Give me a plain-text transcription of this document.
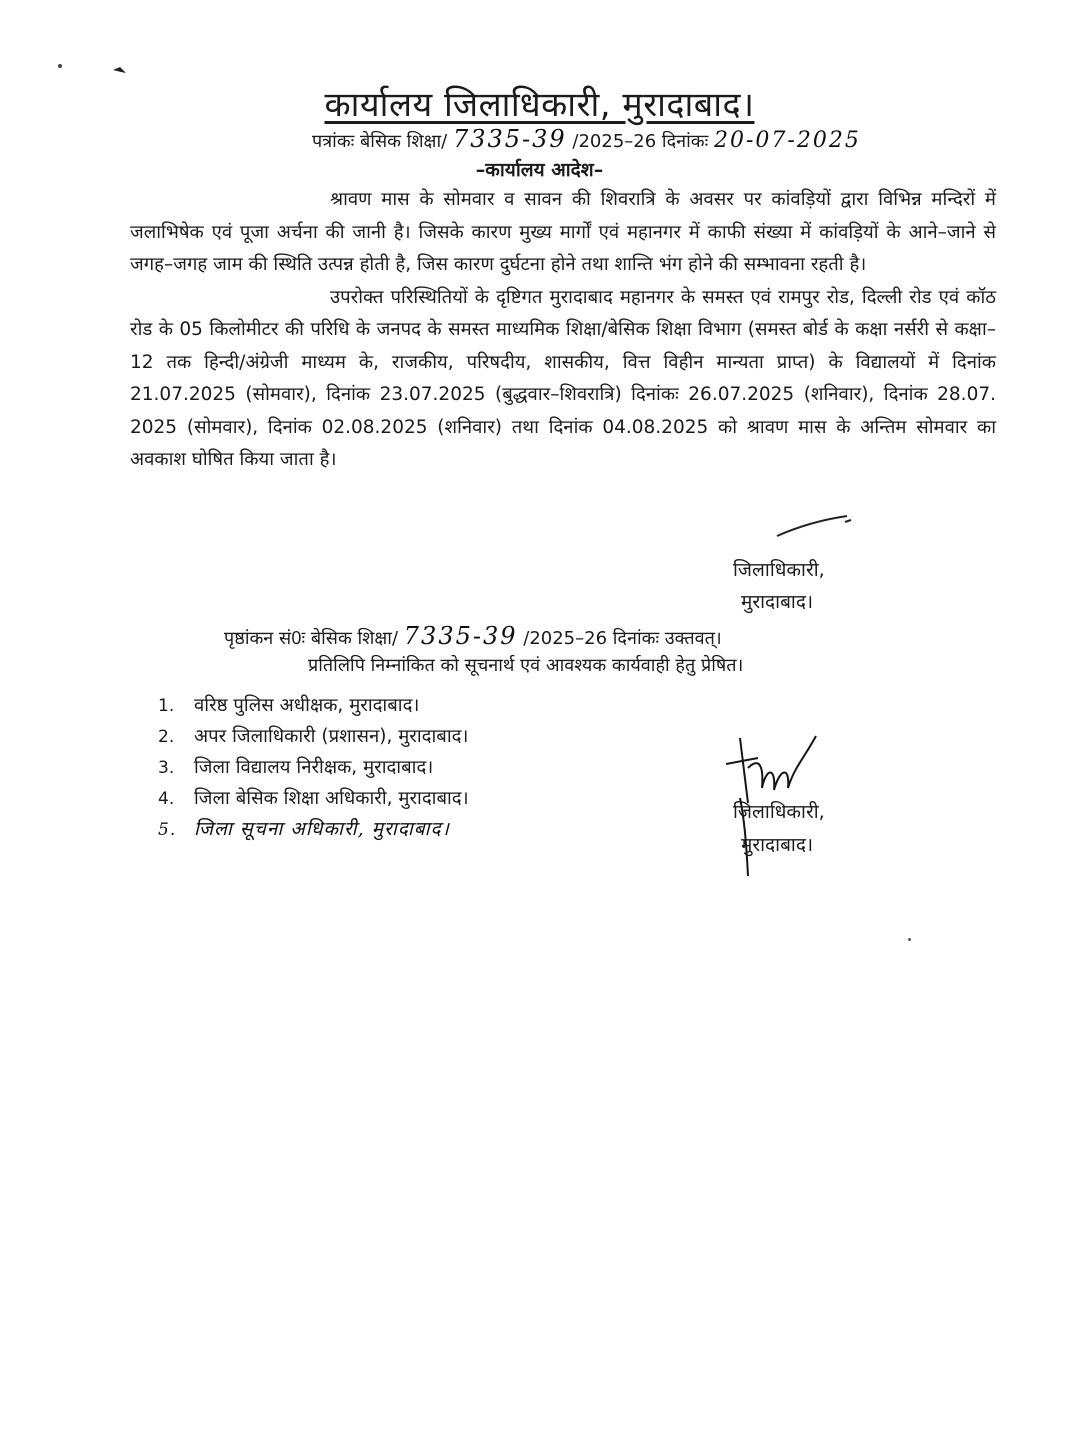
कार्यालय जिलाधिकारी, मुरादाबाद।
पत्रांकः बेसिक शिक्षा/ 7335-39 /2025–26 दिनांकः 20-07-2025
–कार्यालय आदेश–

श्रावण मास के सोमवार व सावन की शिवरात्रि के अवसर पर कांवड़ियों द्वारा विभिन्न मन्दिरों में जलाभिषेक एवं पूजा अर्चना की जानी है। जिसके कारण मुख्य मार्गों एवं महानगर में काफी संख्या में कांवड़ियों के आने–जाने से जगह–जगह जाम की स्थिति उत्पन्न होती है, जिस कारण दुर्घटना होने तथा शान्ति भंग होने की सम्भावना रहती है।

उपरोक्त परिस्थितियों के दृष्टिगत मुरादाबाद महानगर के समस्त एवं रामपुर रोड, दिल्ली रोड एवं कॉठ रोड के 05 किलोमीटर की परिधि के जनपद के समस्त माध्यमिक शिक्षा/बेसिक शिक्षा विभाग (समस्त बोर्ड के कक्षा नर्सरी से कक्षा–12 तक हिन्दी/अंग्रेजी माध्यम के, राजकीय, परिषदीय, शासकीय, वित्त विहीन मान्यता प्राप्त) के विद्यालयों में दिनांक 21.07.2025 (सोमवार), दिनांक 23.07.2025 (बुद्धवार–शिवरात्रि) दिनांकः 26.07.2025 (शनिवार), दिनांक 28.07. 2025 (सोमवार), दिनांक 02.08.2025 (शनिवार) तथा दिनांक 04.08.2025 को श्रावण मास के अन्तिम सोमवार का अवकाश घोषित किया जाता है।

जिलाधिकारी,
मुरादाबाद।
पृष्ठांकन सं0ः बेसिक शिक्षा/ 7335-39 /2025–26 दिनांकः उक्तवत्।
प्रतिलिपि निम्नांकित को सूचनार्थ एवं आवश्यक कार्यवाही हेतु प्रेषित।
1. वरिष्ठ पुलिस अधीक्षक, मुरादाबाद।
2. अपर जिलाधिकारी (प्रशासन), मुरादाबाद।
3. जिला विद्यालय निरीक्षक, मुरादाबाद।
4. जिला बेसिक शिक्षा अधिकारी, मुरादाबाद।
5. जिला सूचना अधिकारी, मुरादाबाद।
जिलाधिकारी,
मुरादाबाद।
